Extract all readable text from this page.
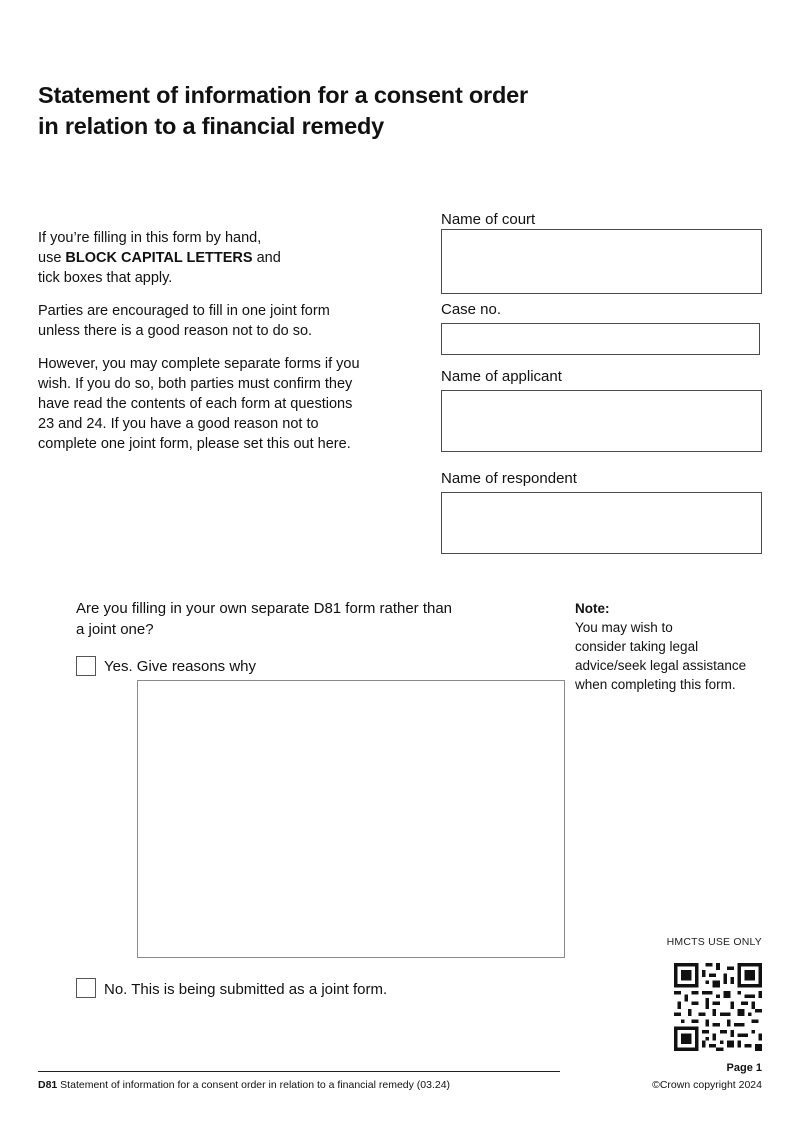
Statement of information for a consent order
in relation to a financial remedy

If you’re filling in this form by hand,
use BLOCK CAPITAL LETTERS and
tick boxes that apply.

Parties are encouraged to fill in one joint form
unless there is a good reason not to do so.

However, you may complete separate forms if you
wish. If you do so, both parties must confirm they
have read the contents of each form at questions
23 and 24. If you have a good reason not to
complete one joint form, please set this out here.

Name of court
Case no.
Name of applicant
Name of respondent
Are you filling in your own separate D81 form rather than
a joint one?
Yes. Give reasons why
No. This is being submitted as a joint form.
Note:
You may wish to
consider taking legal
advice/seek legal assistance
when completing this form.
HMCTS USE ONLY
D81 Statement of information for a consent order in relation to a financial remedy (03.24)
Page 1
©Crown copyright 2024
